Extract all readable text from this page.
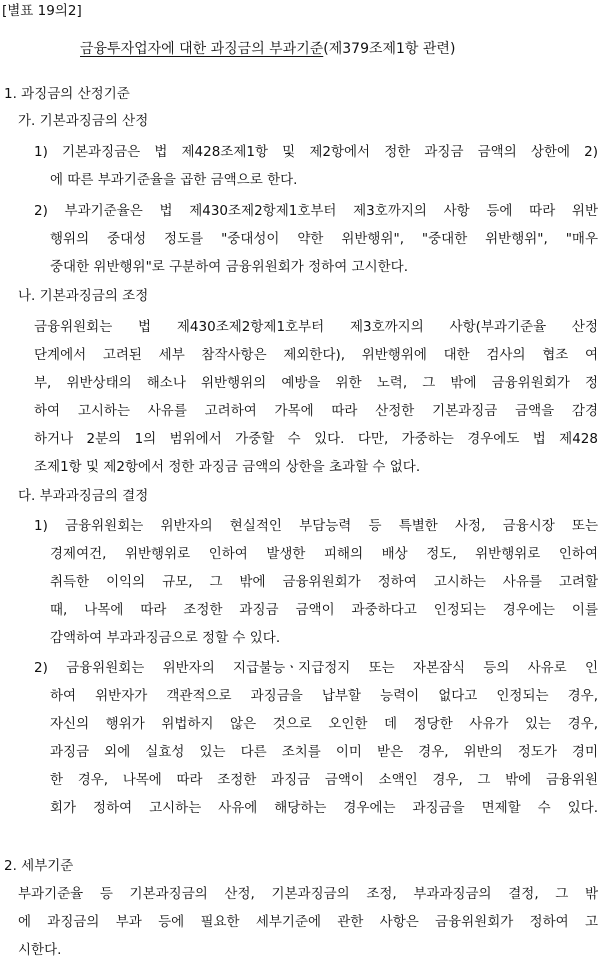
[별표 19의2]
금융투자업자에 대한 과징금의 부과기준(제379조제1항 관련)
1. 과징금의 산정기준
가. 기본과징금의 산정
1) 기본과징금은 법 제428조제1항 및 제2항에서 정한 과징금 금액의 상한에 2)
에 따른 부과기준율을 곱한 금액으로 한다.
2) 부과기준율은 법 제430조제2항제1호부터 제3호까지의 사항 등에 따라 위반
행위의 중대성 정도를 "중대성이 약한 위반행위", "중대한 위반행위", "매우
중대한 위반행위"로 구분하여 금융위원회가 정하여 고시한다.
나. 기본과징금의 조정
금융위원회는 법 제430조제2항제1호부터 제3호까지의 사항(부과기준율 산정
단계에서 고려된 세부 참작사항은 제외한다), 위반행위에 대한 검사의 협조 여
부, 위반상태의 해소나 위반행위의 예방을 위한 노력, 그 밖에 금융위원회가 정
하여 고시하는 사유를 고려하여 가목에 따라 산정한 기본과징금 금액을 감경
하거나 2분의 1의 범위에서 가중할 수 있다. 다만, 가중하는 경우에도 법 제428
조제1항 및 제2항에서 정한 과징금 금액의 상한을 초과할 수 없다.
다. 부과과징금의 결정
1) 금융위원회는 위반자의 현실적인 부담능력 등 특별한 사정, 금융시장 또는
경제여건, 위반행위로 인하여 발생한 피해의 배상 정도, 위반행위로 인하여
취득한 이익의 규모, 그 밖에 금융위원회가 정하여 고시하는 사유를 고려할
때, 나목에 따라 조정한 과징금 금액이 과중하다고 인정되는 경우에는 이를
감액하여 부과과징금으로 정할 수 있다.
2) 금융위원회는 위반자의 지급불능ㆍ지급정지 또는 자본잠식 등의 사유로 인
하여 위반자가 객관적으로 과징금을 납부할 능력이 없다고 인정되는 경우,
자신의 행위가 위법하지 않은 것으로 오인한 데 정당한 사유가 있는 경우,
과징금 외에 실효성 있는 다른 조치를 이미 받은 경우, 위반의 정도가 경미
한 경우, 나목에 따라 조정한 과징금 금액이 소액인 경우, 그 밖에 금융위원
회가 정하여 고시하는 사유에 해당하는 경우에는 과징금을 면제할 수 있다.
2. 세부기준
부과기준율 등 기본과징금의 산정, 기본과징금의 조정, 부과과징금의 결정, 그 밖
에 과징금의 부과 등에 필요한 세부기준에 관한 사항은 금융위원회가 정하여 고
시한다.
